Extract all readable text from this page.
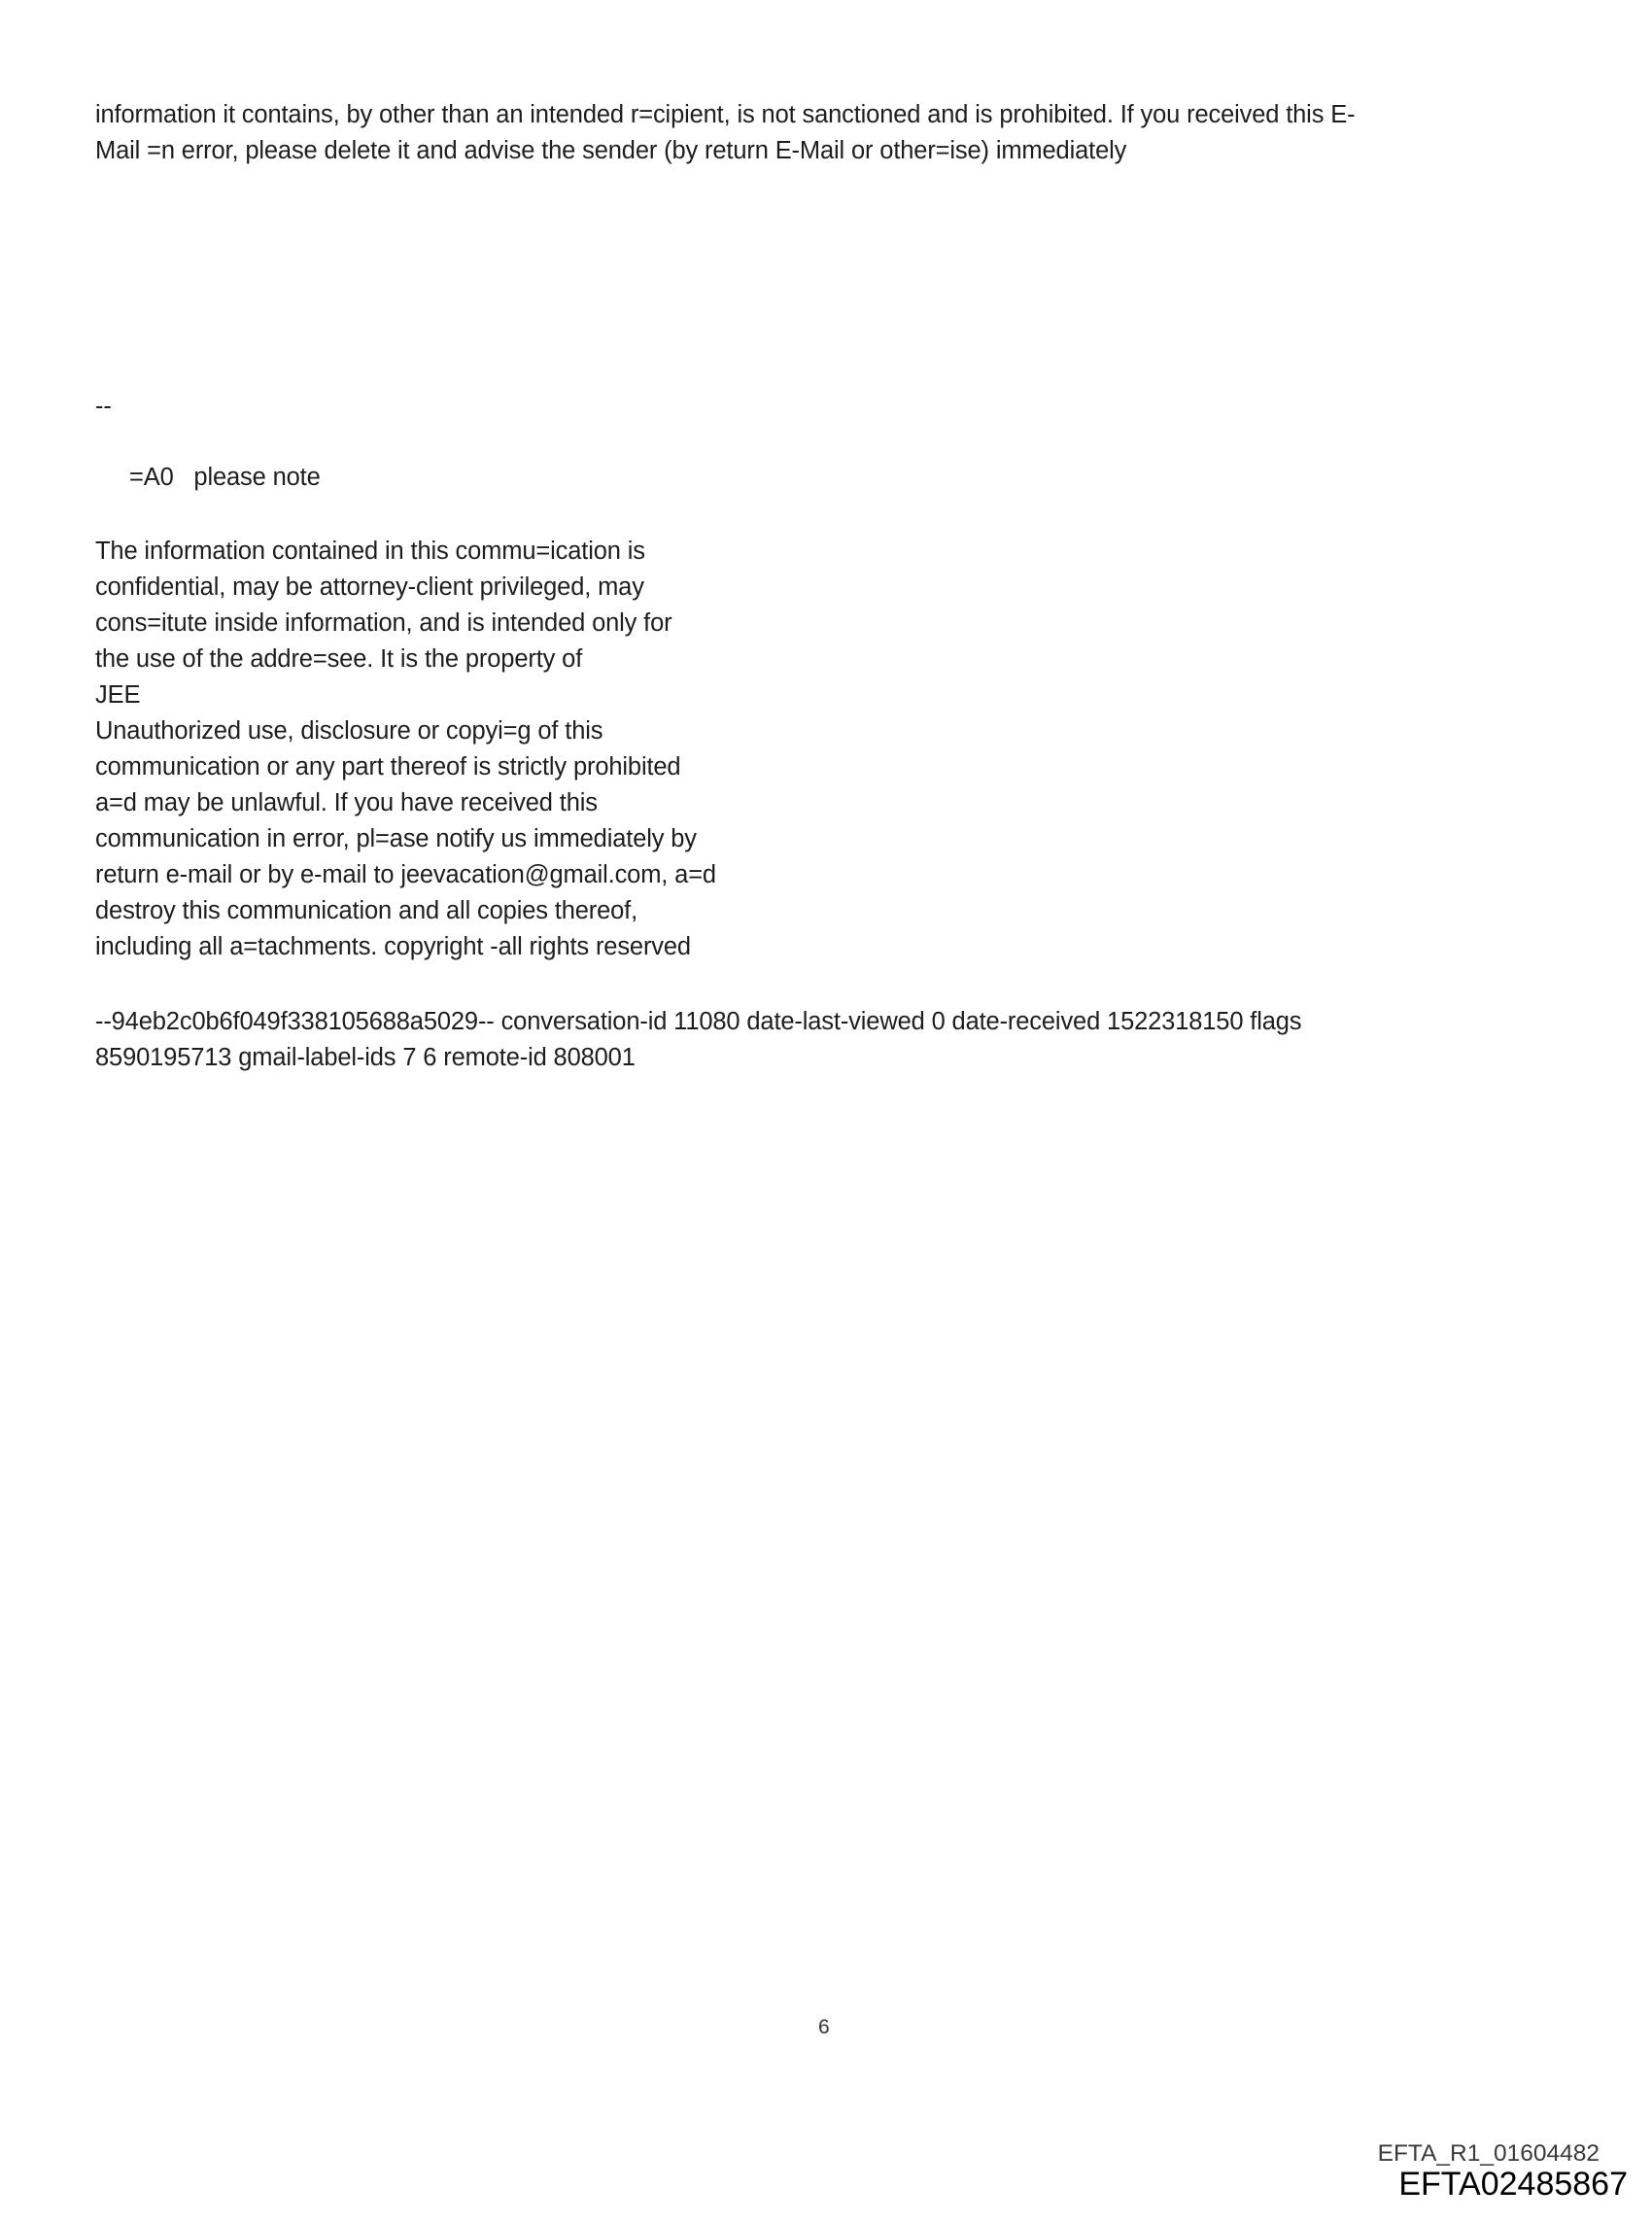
information it contains, by other than an intended r=cipient, is not sanctioned and is prohibited. If you received this E-
Mail =n error, please delete it and advise the sender (by return E-Mail or other=ise) immediately
--
=A0   please note
The information contained in this commu=ication is
confidential, may be attorney-client privileged, may
cons=itute inside information, and is intended only for
the use of the addre=see. It is the property of
JEE
Unauthorized use, disclosure or copyi=g of this
communication or any part thereof is strictly prohibited
a=d may be unlawful. If you have received this
communication in error, pl=ase notify us immediately by
return e-mail or by e-mail to jeevacation@gmail.com, a=d
destroy this communication and all copies thereof,
including all a=tachments. copyright -all rights reserved
--94eb2c0b6f049f338105688a5029-- conversation-id 11080 date-last-viewed 0 date-received 1522318150 flags
8590195713 gmail-label-ids 7 6 remote-id 808001
6
EFTA_R1_01604482
EFTA02485867
